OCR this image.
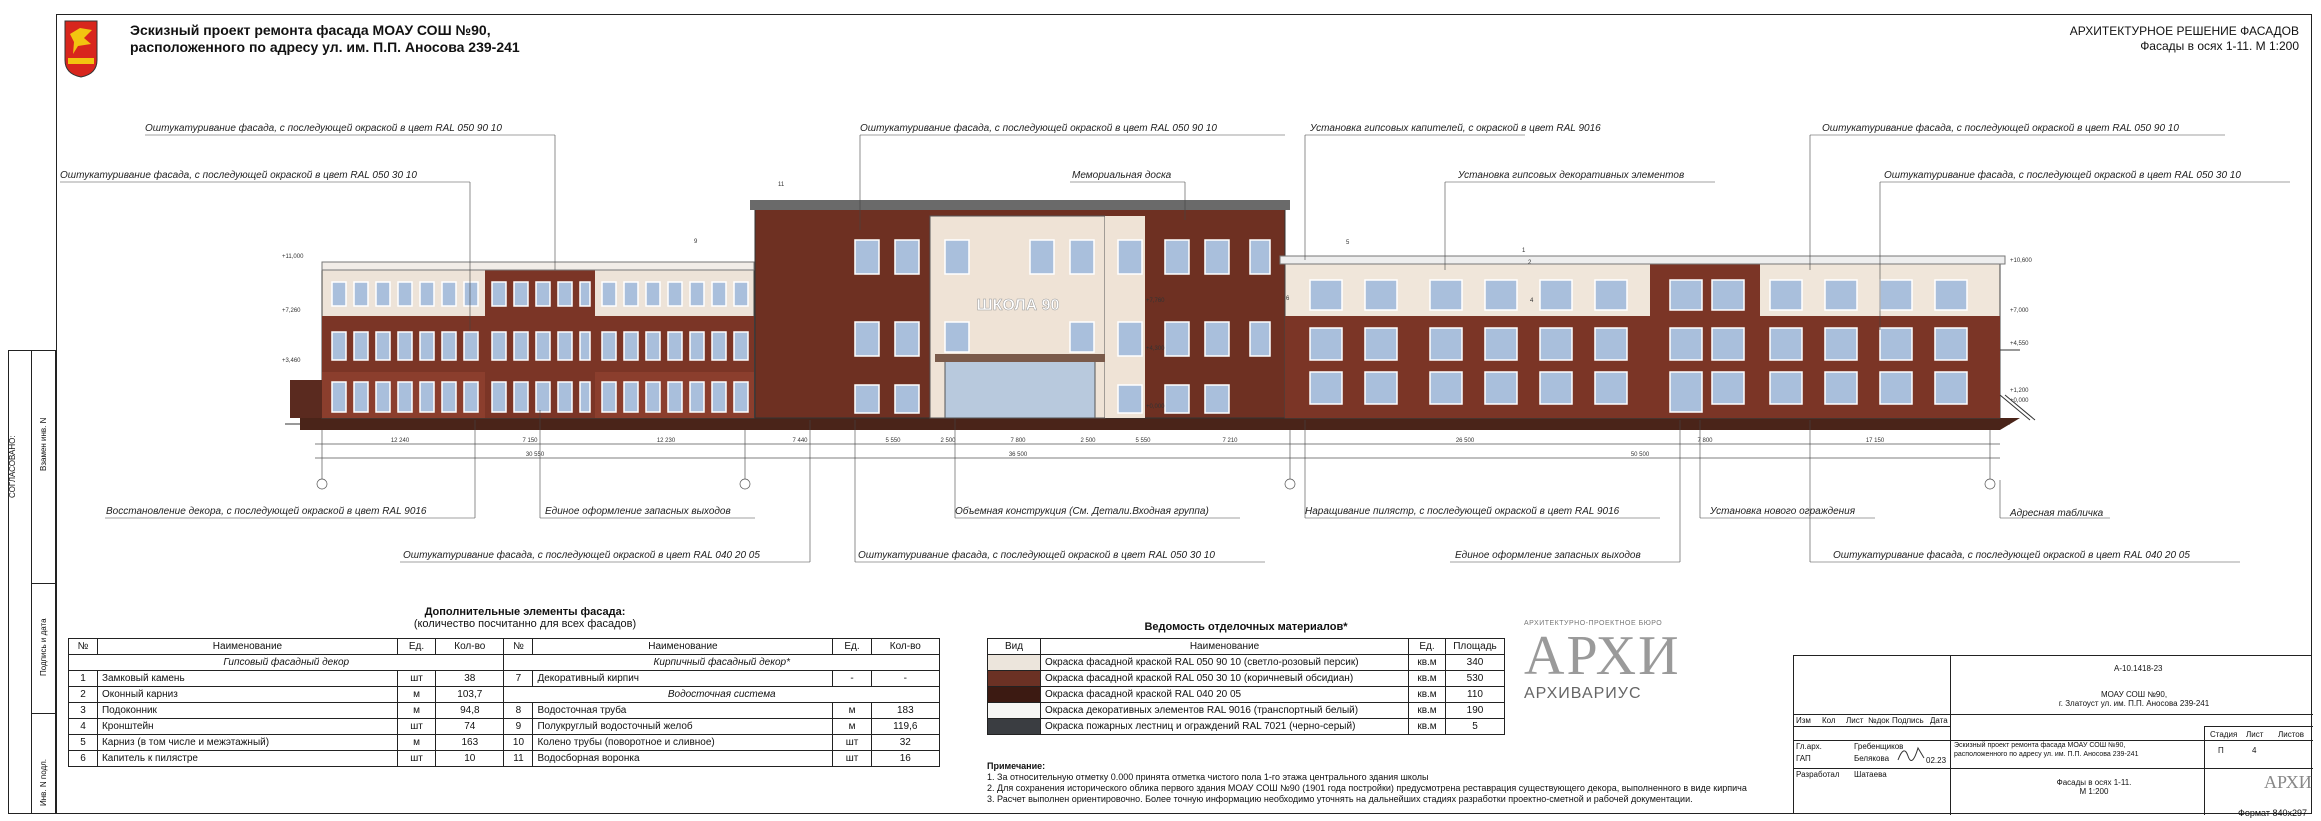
Взамен инв. N
Подпись и дата
Инв. N подл.
СОГЛАСОВАНО:
Эскизный проект ремонта фасада МОАУ СОШ №90,
расположенного по адресу ул. им. П.П. Аносова 239-241
АРХИТЕКТУРНОЕ РЕШЕНИЕ ФАСАДОВ
Фасады в осях 1-11. М 1:200
ШКОЛА 90
12 240	7 150	12 230	7 440	5 550	2 500	7 800	2 500	5 550	7 210	26 500	7 800	17 150
30 550	36 500	50 500
+11,000
+7,260
+3,460
+7,760
+4,300
+0,000
+10,600
+7,000
+4,550
+1,200
+0,000
9
11
5
6
1
2
4
Оштукатуривание фасада, с последующей окраской в цвет RAL 050 90 10
Оштукатуривание фасада, с последующей окраской в цвет RAL 050 30 10
Оштукатуривание фасада, с последующей окраской в цвет RAL 050 90 10
Мемориальная доска
Установка гипсовых капителей, с окраской в цвет RAL 9016
Установка гипсовых декоративных элементов
Оштукатуривание фасада, с последующей окраской в цвет RAL 050 90 10
Оштукатуривание фасада, с последующей окраской в цвет RAL 050 30 10
Восстановление декора, с последующей окраской в цвет RAL 9016	Единое оформление запасных выходов	Объемная конструкция (См. Детали.Входная группа)	Наращивание пилястр, с последующей окраской в цвет RAL 9016	Установка нового ограждения	Адресная табличка
Оштукатуривание фасада, с последующей окраской в цвет RAL 040 20 05	Оштукатуривание фасада, с последующей окраской в цвет RAL 050 30 10	Единое оформление запасных выходов	Оштукатуривание фасада, с последующей окраской в цвет RAL 040 20 05
Дополнительные элементы фасада:
(количество посчитанно для всех фасадов)
№	Наименование	Ед.	Кол-во	№	Наименование	Ед.	Кол-во
Гипсовый фасадный декор				Кирпичный фасадный декор*			
1	Замковый камень	шт	38	7	Декоративный кирпич	-	-
2	Оконный карниз	м	103,7	Водосточная система			
3	Подоконник	м	94,8	8	Водосточная труба	м	183
4	Кронштейн	шт	74	9	Полукруглый водосточный желоб	м	119,6
5	Карниз (в том числе и межэтажный)	м	163	10	Колено трубы (поворотное и сливное)	шт	32
6	Капитель к пилястре	шт	10	11	Водосборная воронка	шт	16
Ведомость отделочных материалов*
Вид	Наименование	Ед.	Площадь
	Окраска фасадной краской RAL 050 90 10 (светло-розовый персик)	кв.м	340
	Окраска фасадной краской RAL 050 30 10 (коричневый обсидиан)	кв.м	530
	Окраска фасадной краской RAL 040 20 05	кв.м	110
	Окраска декоративных элементов RAL 9016 (транспортный белый)	кв.м	190
	Окраска пожарных лестниц и ограждений RAL 7021 (черно-серый)	кв.м	5
Примечание:
1. За относительную отметку 0.000 принята отметка чистого пола 1-го этажа центрального здания школы
2. Для сохранения исторического облика первого здания МОАУ СОШ №90 (1901 года постройки) предусмотрена реставрация существующего декора, выполненного в виде кирпича
3. Расчет выполнен ориентировочно. Более точную информацию необходимо уточнять на дальнейших стадиях разработки проектно-сметной и рабочей документации.
АРХИТЕКТУРНО-ПРОЕКТНОЕ БЮРО
АРХИ
АРХИВАРИУС
А-10.1418-23
МОАУ СОШ №90,
г. Златоуст ул. им. П.П. Аносова 239-241
Изм Кол Лист №док Подпись Дата
Гл.арх.	Гребенщиков
ГАП	Белякова
Разработал Шатаева
02.23
Эскизный проект ремонта фасада МОАУ СОШ №90,
расположенного по адресу ул. им. П.П. Аносова 239-241
Стадия Лист Листов
П	4
Фасады в осях 1-11.
М 1:200	АРХИ
Формат 840х297
